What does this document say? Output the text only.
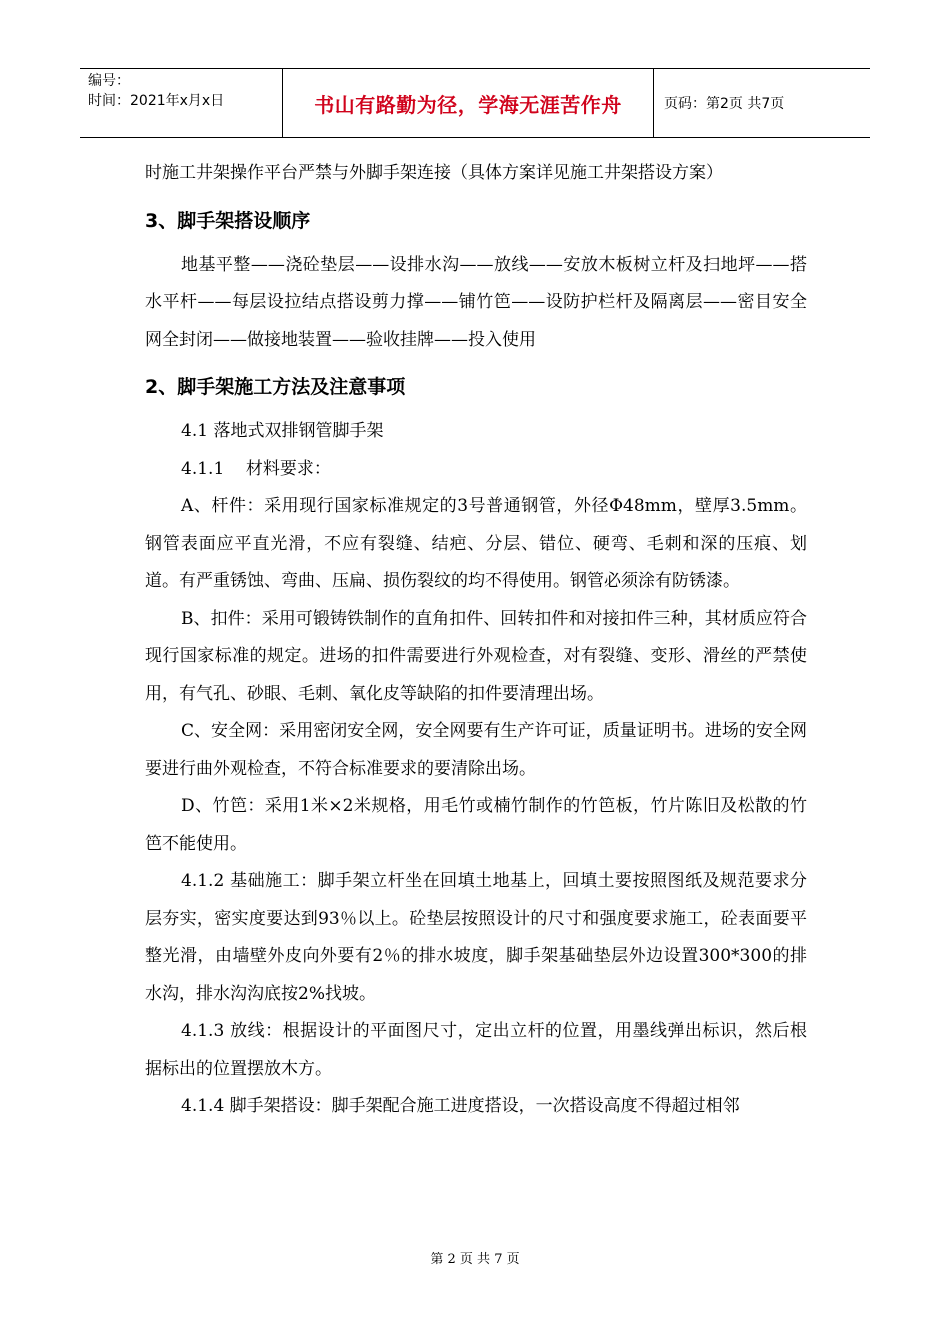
编号：
时间：2021年x月x日	书山有路勤为径，学海无涯苦作舟	页码：第2页 共7页

时施工井架操作平台严禁与外脚手架连接（具体方案详见施工井架搭设方案）

3、脚手架搭设顺序

地基平整——浇砼垫层——设排水沟——放线——安放木板树立杆及扫地坪——搭水平杆——每层设拉结点搭设剪力撑——铺竹笆——设防护栏杆及隔离层——密目安全网全封闭——做接地装置——验收挂牌——投入使用

2、脚手架施工方法及注意事项

4.1 落地式双排钢管脚手架

4.1.1    材料要求：

A、杆件：采用现行国家标准规定的3号普通钢管，外径Φ48mm，壁厚3.5mm。钢管表面应平直光滑，不应有裂缝、结疤、分层、错位、硬弯、毛刺和深的压痕、划道。有严重锈蚀、弯曲、压扁、损伤裂纹的均不得使用。钢管必须涂有防锈漆。

B、扣件：采用可锻铸铁制作的直角扣件、回转扣件和对接扣件三种，其材质应符合现行国家标准的规定。进场的扣件需要进行外观检查，对有裂缝、变形、滑丝的严禁使用，有气孔、砂眼、毛刺、氧化皮等缺陷的扣件要清理出场。

C、安全网：采用密闭安全网，安全网要有生产许可证，质量证明书。进场的安全网要进行曲外观检查，不符合标准要求的要清除出场。

D、竹笆：采用1米×2米规格，用毛竹或楠竹制作的竹笆板，竹片陈旧及松散的竹笆不能使用。

4.1.2 基础施工：脚手架立杆坐在回填土地基上，回填土要按照图纸及规范要求分层夯实，密实度要达到93％以上。砼垫层按照设计的尺寸和强度要求施工，砼表面要平整光滑，由墙壁外皮向外要有2％的排水坡度，脚手架基础垫层外边设置300*300的排水沟，排水沟沟底按2%找坡。

4.1.3 放线：根据设计的平面图尺寸，定出立杆的位置，用墨线弹出标识，然后根据标出的位置摆放木方。

4.1.4 脚手架搭设：脚手架配合施工进度搭设，一次搭设高度不得超过相邻

第 2 页 共 7 页
